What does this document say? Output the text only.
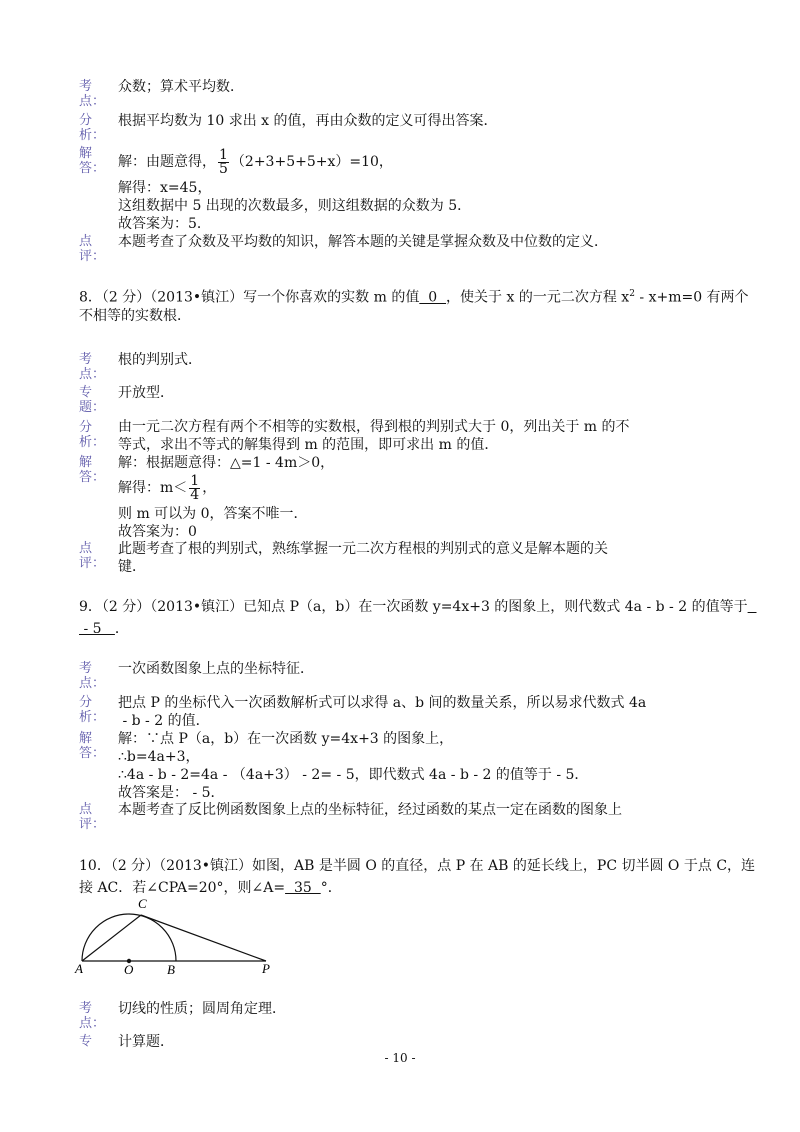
考
点：
众数；算术平均数．
分
析：
根据平均数为 10 求出 x 的值，再由众数的定义可得出答案．
解
答： 解：由题意得， $\frac{1}{5} (2+3+5+5+x)=10$，
解得：x=45，
这组数据中 5 出现的次数最多，则这组数据的众数为 5．
故答案为：5．
点
评：
本题考查了众数及平均数的知识，解答本题的关键是掌握众数及中位数的定义．
8．（2 分）（2013•镇江）写一个你喜欢的实数 m 的值  0  ，使关于 x 的一元二次方程 $x^2 - x+m=0$ 有两个
不相等的实数根．
考
点：
根的判别式．
专
题：
开放型．
分
析：
由一元二次方程有两个不相等的实数根，得到根的判别式大于 0，列出关于 m 的不
等式，求出不等式的解集得到 m 的范围，即可求出 m 的值．
解
答：
解：根据题意得：△=1 - 4m＞0，
解得：$m< \frac{1}{4}$ ，
则 m 可以为 0，答案不唯一．
故答案为：0
点
评：
此题考查了根的判别式，熟练掌握一元二次方程根的判别式的意义是解本题的关
键．
9．（2 分）（2013•镇江）已知点 P（a，b）在一次函数 y=4x+3 的图象上，则代数式 4a - b - 2 的值等于
- 5   ．
考
点：
一次函数图象上点的坐标特征．
分
析：
把点 P 的坐标代入一次函数解析式可以求得 a、b 间的数量关系，所以易求代数式 4a
- b - 2 的值．
解
答：
解：∵点 P（a，b）在一次函数 y=4x+3 的图象上，
∴b=4a+3，
∴4a - b - 2=4a - （4a+3） - 2= - 5，即代数式 4a - b - 2 的值等于 - 5．
故答案是： - 5．
点
评：
本题考查了反比例函数图象上点的坐标特征，经过函数的某点一定在函数的图象上
10．（2 分）（2013•镇江）如图，AB 是半圆 O 的直径，点 P 在 AB 的延长线上，PC 切半圆 O 于点 C，连
接 AC．若∠CPA=20°，则∠A=  35  °．
C
A	O	B	P
考
点：
切线的性质；圆周角定理．
专	计算题．
- 10 -
